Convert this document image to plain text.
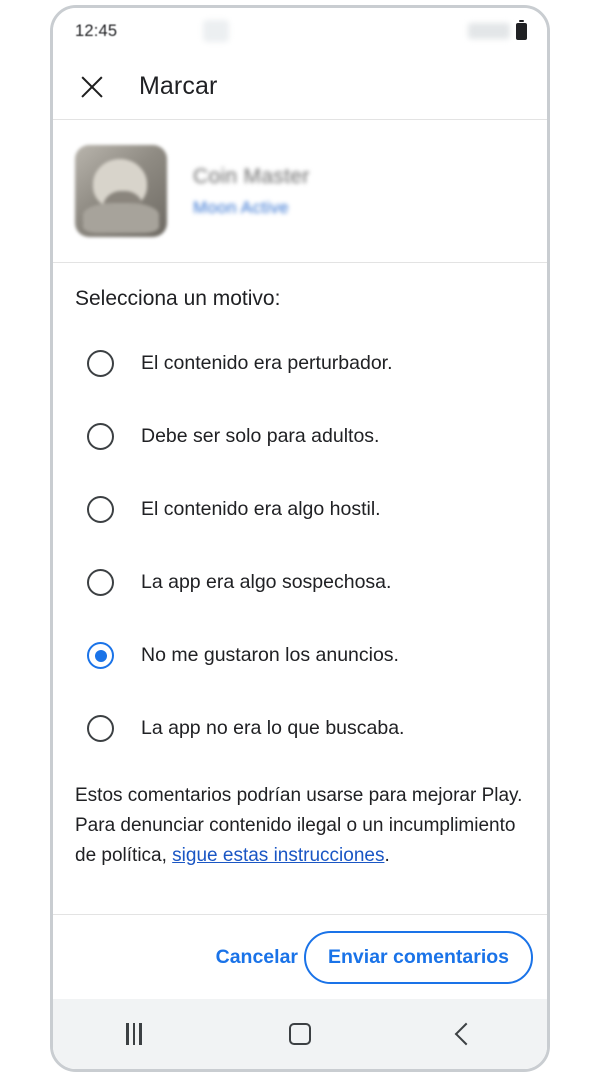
12:45
Marcar
Coin Master
Moon Active
Selecciona un motivo:
El contenido era perturbador.
Debe ser solo para adultos.
El contenido era algo hostil.
La app era algo sospechosa.
No me gustaron los anuncios.
La app no era lo que buscaba.
Estos comentarios podrían usarse para mejorar Play. Para denunciar contenido ilegal o un incumplimiento de política, sigue estas instrucciones.
Cancelar	Enviar comentarios
